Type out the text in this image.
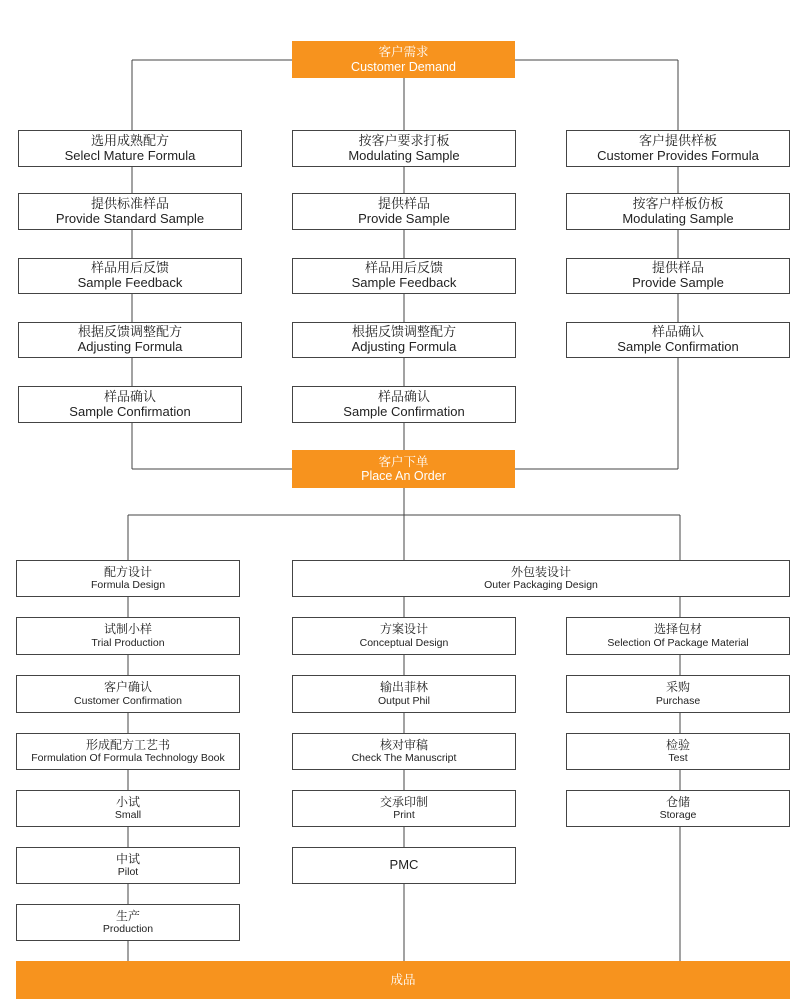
客户需求
Customer Demand
选用成熟配方
Selecl Mature Formula
提供标准样品
Provide Standard Sample
样品用后反馈
Sample Feedback
根据反馈调整配方
Adjusting Formula
样品确认
Sample Confirmation
按客户要求打板
Modulating Sample
提供样品
Provide Sample
样品用后反馈
Sample Feedback
根据反馈调整配方
Adjusting Formula
样品确认
Sample Confirmation
客户提供样板
Customer Provides Formula
按客户样板仿板
Modulating Sample
提供样品
Provide Sample
样品确认
Sample Confirmation
客户下单
Place An Order
配方设计
Formula Design
试制小样
Trial Production
客户确认
Customer Confirmation
形成配方工艺书
Formulation Of Formula Technology Book
小试
Small
中试
Pilot
生产
Production
外包装设计
Outer Packaging Design
方案设计
Conceptual Design
输出菲林
Output Phil
核对审稿
Check The Manuscript
交承印制
Print
PMC
选择包材
Selection Of Package Material
采购
Purchase
检验
Test
仓储
Storage
成品
